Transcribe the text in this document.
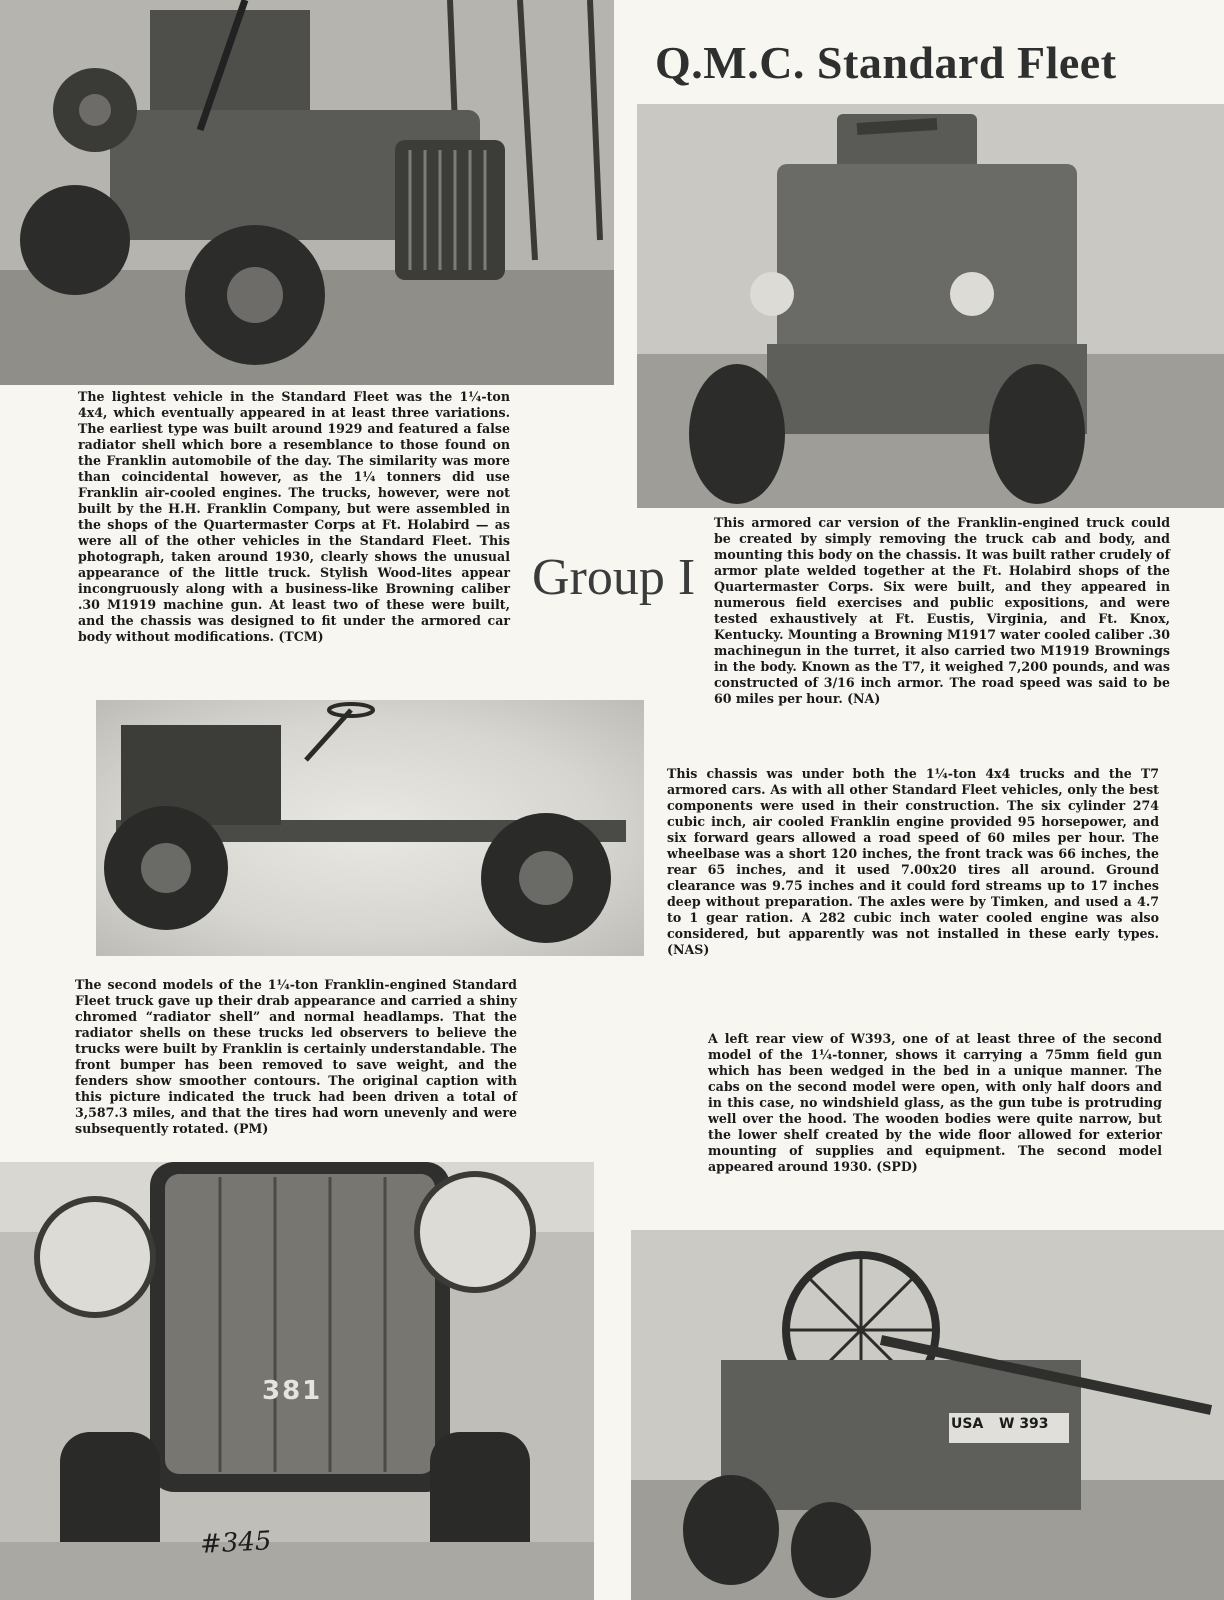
Q.M.C. Standard Fleet
Group I

The lightest vehicle in the Standard Fleet was the 1¼-ton 4x4, which eventually appeared in at least three variations. The earliest type was built around 1929 and featured a false radiator shell which bore a resemblance to those found on the Franklin automobile of the day. The similarity was more than coincidental however, as the 1¼ tonners did use Franklin air-cooled engines. The trucks, however, were not built by the H.H. Franklin Company, but were assembled in the shops of the Quartermaster Corps at Ft. Holabird — as were all of the other vehicles in the Standard Fleet. This photograph, taken around 1930, clearly shows the unusual appearance of the little truck. Stylish Wood-lites appear incongruously along with a business-like Browning caliber .30 M1919 machine gun. At least two of these were built, and the chassis was designed to fit under the armored car body without modifications. (TCM)

This armored car version of the Franklin-engined truck could be created by simply removing the truck cab and body, and mounting this body on the chassis. It was built rather crudely of armor plate welded together at the Ft. Holabird shops of the Quartermaster Corps. Six were built, and they appeared in numerous field exercises and public expositions, and were tested exhaustively at Ft. Eustis, Virginia, and Ft. Knox, Kentucky. Mounting a Browning M1917 water cooled caliber .30 machinegun in the turret, it also carried two M1919 Brownings in the body. Known as the T7, it weighed 7,200 pounds, and was constructed of 3/16 inch armor. The road speed was said to be 60 miles per hour. (NA)

This chassis was under both the 1¼-ton 4x4 trucks and the T7 armored cars. As with all other Standard Fleet vehicles, only the best components were used in their construction. The six cylinder 274 cubic inch, air cooled Franklin engine provided 95 horsepower, and six forward gears allowed a road speed of 60 miles per hour. The wheelbase was a short 120 inches, the front track was 66 inches, the rear 65 inches, and it used 7.00x20 tires all around. Ground clearance was 9.75 inches and it could ford streams up to 17 inches deep without preparation. The axles were by Timken, and used a 4.7 to 1 gear ration. A 282 cubic inch water cooled engine was also considered, but apparently was not installed in these early types. (NAS)

The second models of the 1¼-ton Franklin-engined Standard Fleet truck gave up their drab appearance and carried a shiny chromed “radiator shell” and normal headlamps. That the radiator shells on these trucks led observers to believe the trucks were built by Franklin is certainly understandable. The front bumper has been removed to save weight, and the fenders show smoother contours. The original caption with this picture indicated the truck had been driven a total of 3,587.3 miles, and that the tires had worn unevenly and were subsequently rotated. (PM)

A left rear view of W393, one of at least three of the second model of the 1¼-tonner, shows it carrying a 75mm field gun which has been wedged in the bed in a unique manner. The cabs on the second model were open, with only half doors and in this case, no windshield glass, as the gun tube is protruding well over the hood. The wooden bodies were quite narrow, but the lower shelf created by the wide floor allowed for exterior mounting of supplies and equipment. The second model appeared around 1930. (SPD)

381
#345
USA W 393
